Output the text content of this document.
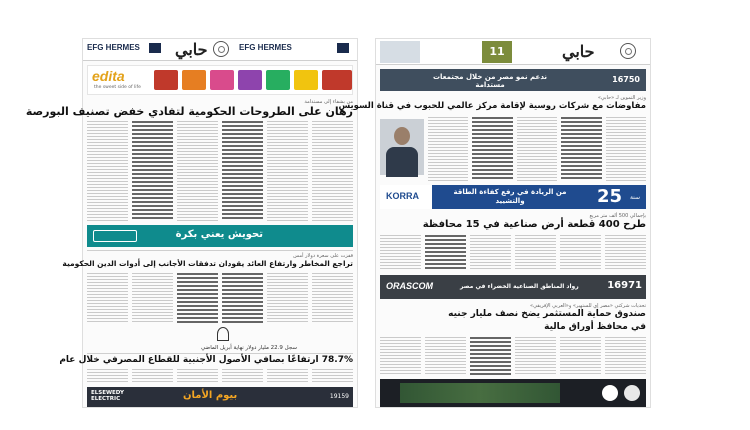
EFG HERMES حابي	EFG HERMES
edita
the sweet side of life
من بشفاء إلى مستدامة
رهان على الطروحات الحكومية لتفادي خفض تصنيف البورصة
تحويش يعني بكرة
قفزت على سعرة دولار أمس
تراجع المخاطر وارتفاع العائد يقودان تدفقات الأجانب إلى أدوات الدين الحكومية
سجل 22.9 مليار دولار نهاية أبريل الماضي
78.7% ارتفاعًا بصافي الأصول الأجنبية للقطاع المصرفي خلال عام
ELSEWEDY ELECTRIC	بيوم الأمان	19159
11	حابي
ندعم نمو مصر من خلال مجتمعات مستدامة
16750
وزير التموين لـ «حابي»
مفاوضات مع شركات روسية لإقامة مركز عالمي للحبوب في قناة السويس
KORRA	من الريادة في رفع كفاءة الطاقة والتشييد	25 سنة
بإجمالي 500 ألف متر مربع
طرح 400 قطعة أرض صناعية في 15 محافظة
ORASCOM	رواد المناطق الصناعية الخضراء في مصر	16971
تحديات شركتي «مصر إي للستهير» و«العربي الإفريقي»
صندوق حماية المستثمر يضخ نصف مليار جنيه
في محافظ أوراق مالية
